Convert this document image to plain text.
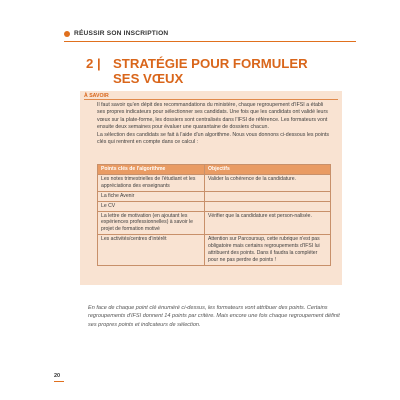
RÉUSSIR SON INSCRIPTION
2 | STRATÉGIE POUR FORMULER
SES VŒUX
À SAVOIR

Il faut savoir qu'en dépit des recommandations du ministère, chaque regroupement d'IFSI a établi ses propres indicateurs pour sélectionner ses candidats. Une fois que les candidats ont validé leurs vœux sur la plate-forme, les dossiers sont centralisés dans l'IFSI de référence. Les formateurs vont ensuite deux semaines pour évaluer une quarantaine de dossiers chacun.

La sélection des candidats se fait à l'aide d'un algorithme. Nous vous donnons ci-dessous les points clés qui rentrent en compte dans ce calcul :

Points clés de l'algorithme	Objectifs
Les notes trimestrielles de l'étudiant et les appréciations des enseignants	Valider la cohérence de la candidature.
La fiche Avenir	
Le CV	
La lettre de motivation (en ajoutant les expériences professionnelles) à savoir le projet de formation motivé	Vérifier que la candidature est person-nalisée.
Les activités/centres d'intérêt	Attention sur Parcoursup, cette rubrique n'est pas obligatoire mais certains regroupements d'IFSI lui attribuent des points. Dans il faudra la compléter pour ne pas perdre de points !
En face de chaque point clé énuméré ci-dessus, les formateurs vont attribuer des points. Certains regroupements d'IFSI donnent 14 points par critère. Mais encore une fois chaque regroupement définit ses propres points et indicateurs de sélection.
20
